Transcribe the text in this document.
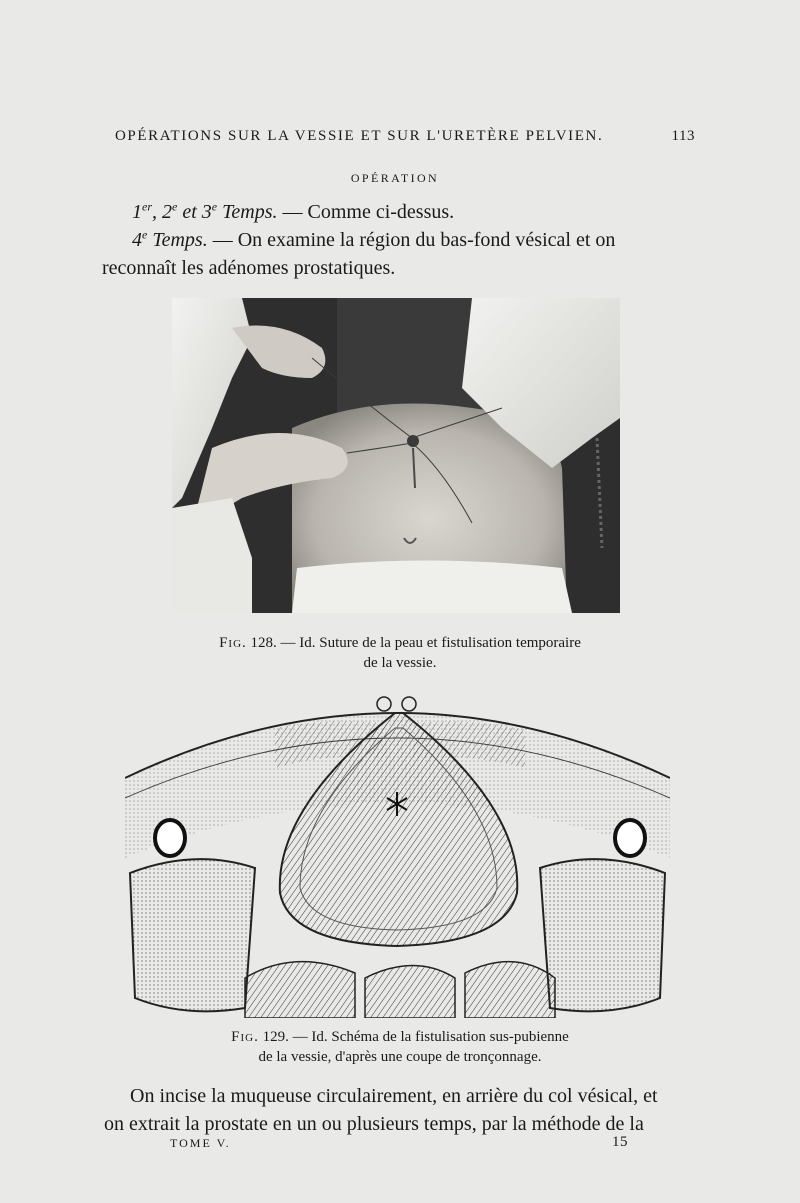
OPÉRATIONS SUR LA VESSIE ET SUR L'URETÈRE PELVIEN.	113
OPÉRATION
1er, 2e et 3e Temps. — Comme ci-dessus.
4e Temps. — On examine la région du bas-fond vésical et on
reconnaît les adénomes prostatiques.
Fig. 128. — Id. Suture de la peau et fistulisation temporaire
de la vessie.
Fig. 129. — Id. Schéma de la fistulisation sus-pubienne
de la vessie, d'après une coupe de tronçonnage.
On incise la muqueuse circulairement, en arrière du col vésical, et
on extrait la prostate en un ou plusieurs temps, par la méthode de la
TOME V.	15
